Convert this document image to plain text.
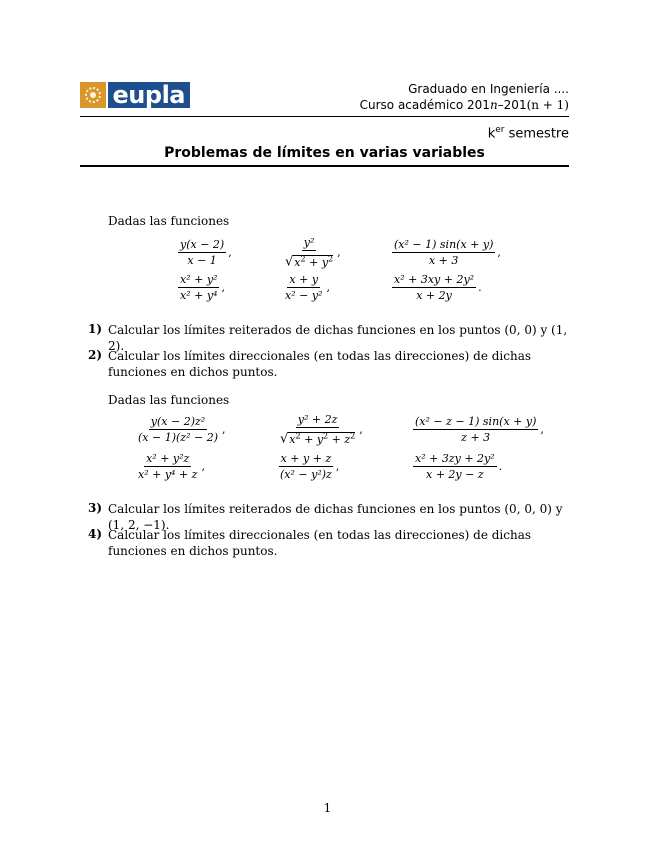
eupla	Graduado en Ingeniería ....
Curso académico 201n–201(n + 1)
$k^{er}$ semestre
Problemas de límites en varias variables
Dadas las funciones
$\frac{y(x - 2)}{x - 1}$ ,	$\frac{\text{y²}}{√x^2 + y^2}$ ,	$\frac{\text{(x² − 1) sin(x + y)}}{x + 3}$ ,
$\frac{\text{x² + y²}}{\text{x² + y⁴}}$ ,	$\frac{x + y}{\text{x² − y²}}$ ,	$\frac{\text{x² + 3xy + 2y²}}{x + 2y}$ .
1) Calcular los límites reiterados de dichas funciones en los puntos (0, 0) y (1, 2).
2) Calcular los límites direccionales (en todas las direcciones) de dichas funciones en dichos puntos.
Dadas las funciones
$\frac{\text{y(x − 2)z²}}{\text{(x − 1)(z² − 2)}}$ ,	$\frac{\text{y² + 2z}}{√x^2 + y^2 + z^2}$ ,	$\frac{\text{(x² − z − 1) sin(x + y)}}{z + 3}$ ,
$\frac{\text{x² + y²z}}{\text{x² + y⁴ + z}}$ ,	$\frac{x + y + z}{\text{(x² − y²)z}}$ ,	$\frac{\text{x² + 3zy + 2y²}}{x + 2y - z}$ .
3) Calcular los límites reiterados de dichas funciones en los puntos (0, 0, 0) y (1, 2, −1).
4) Calcular los límites direccionales (en todas las direcciones) de dichas funciones en dichos puntos.
1
